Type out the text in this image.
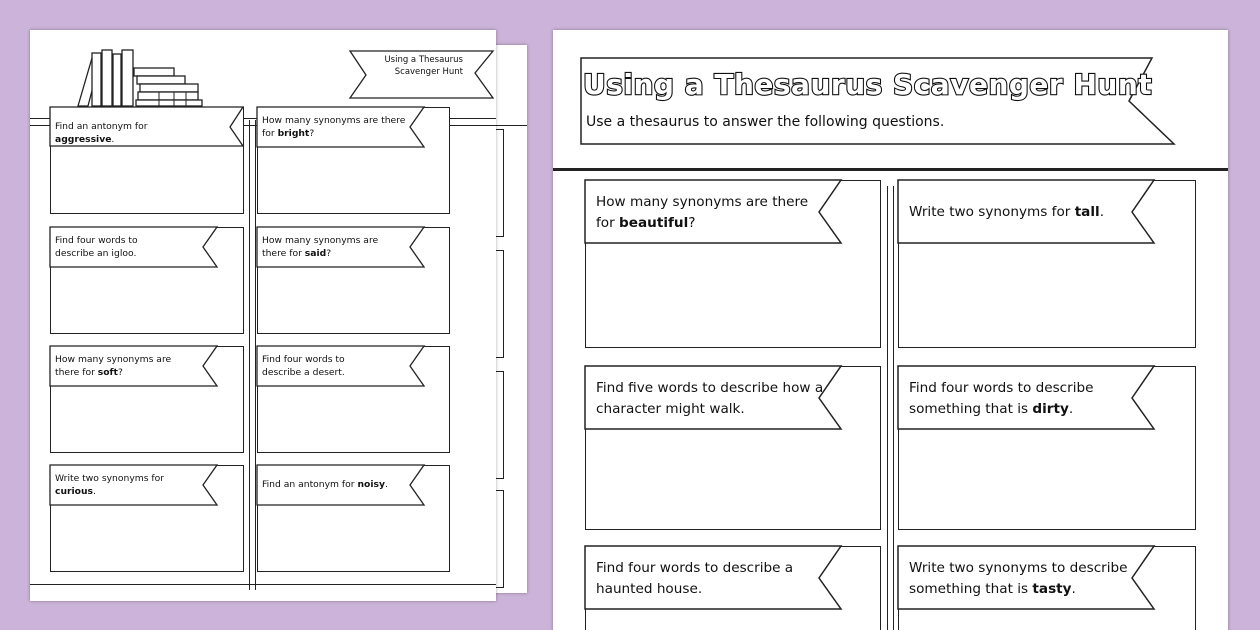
Using a Thesaurus Scavenger Hunt
Find an antonym for aggressive.
How many synonyms are there for bright?
Find four words to describe an igloo.
How many synonyms are there for said?
How many synonyms are there for soft?
Find four words to describe a desert.
Write two synonyms for curious.
Find an antonym for noisy.
Using a Thesaurus Scavenger Hunt
Use a thesaurus to answer the following questions.
How many synonyms are there for beautiful?
Write two synonyms for tall.
Find five words to describe how a character might walk.
Find four words to describe something that is dirty.
Find four words to describe a haunted house.
Write two synonyms to describe something that is tasty.
